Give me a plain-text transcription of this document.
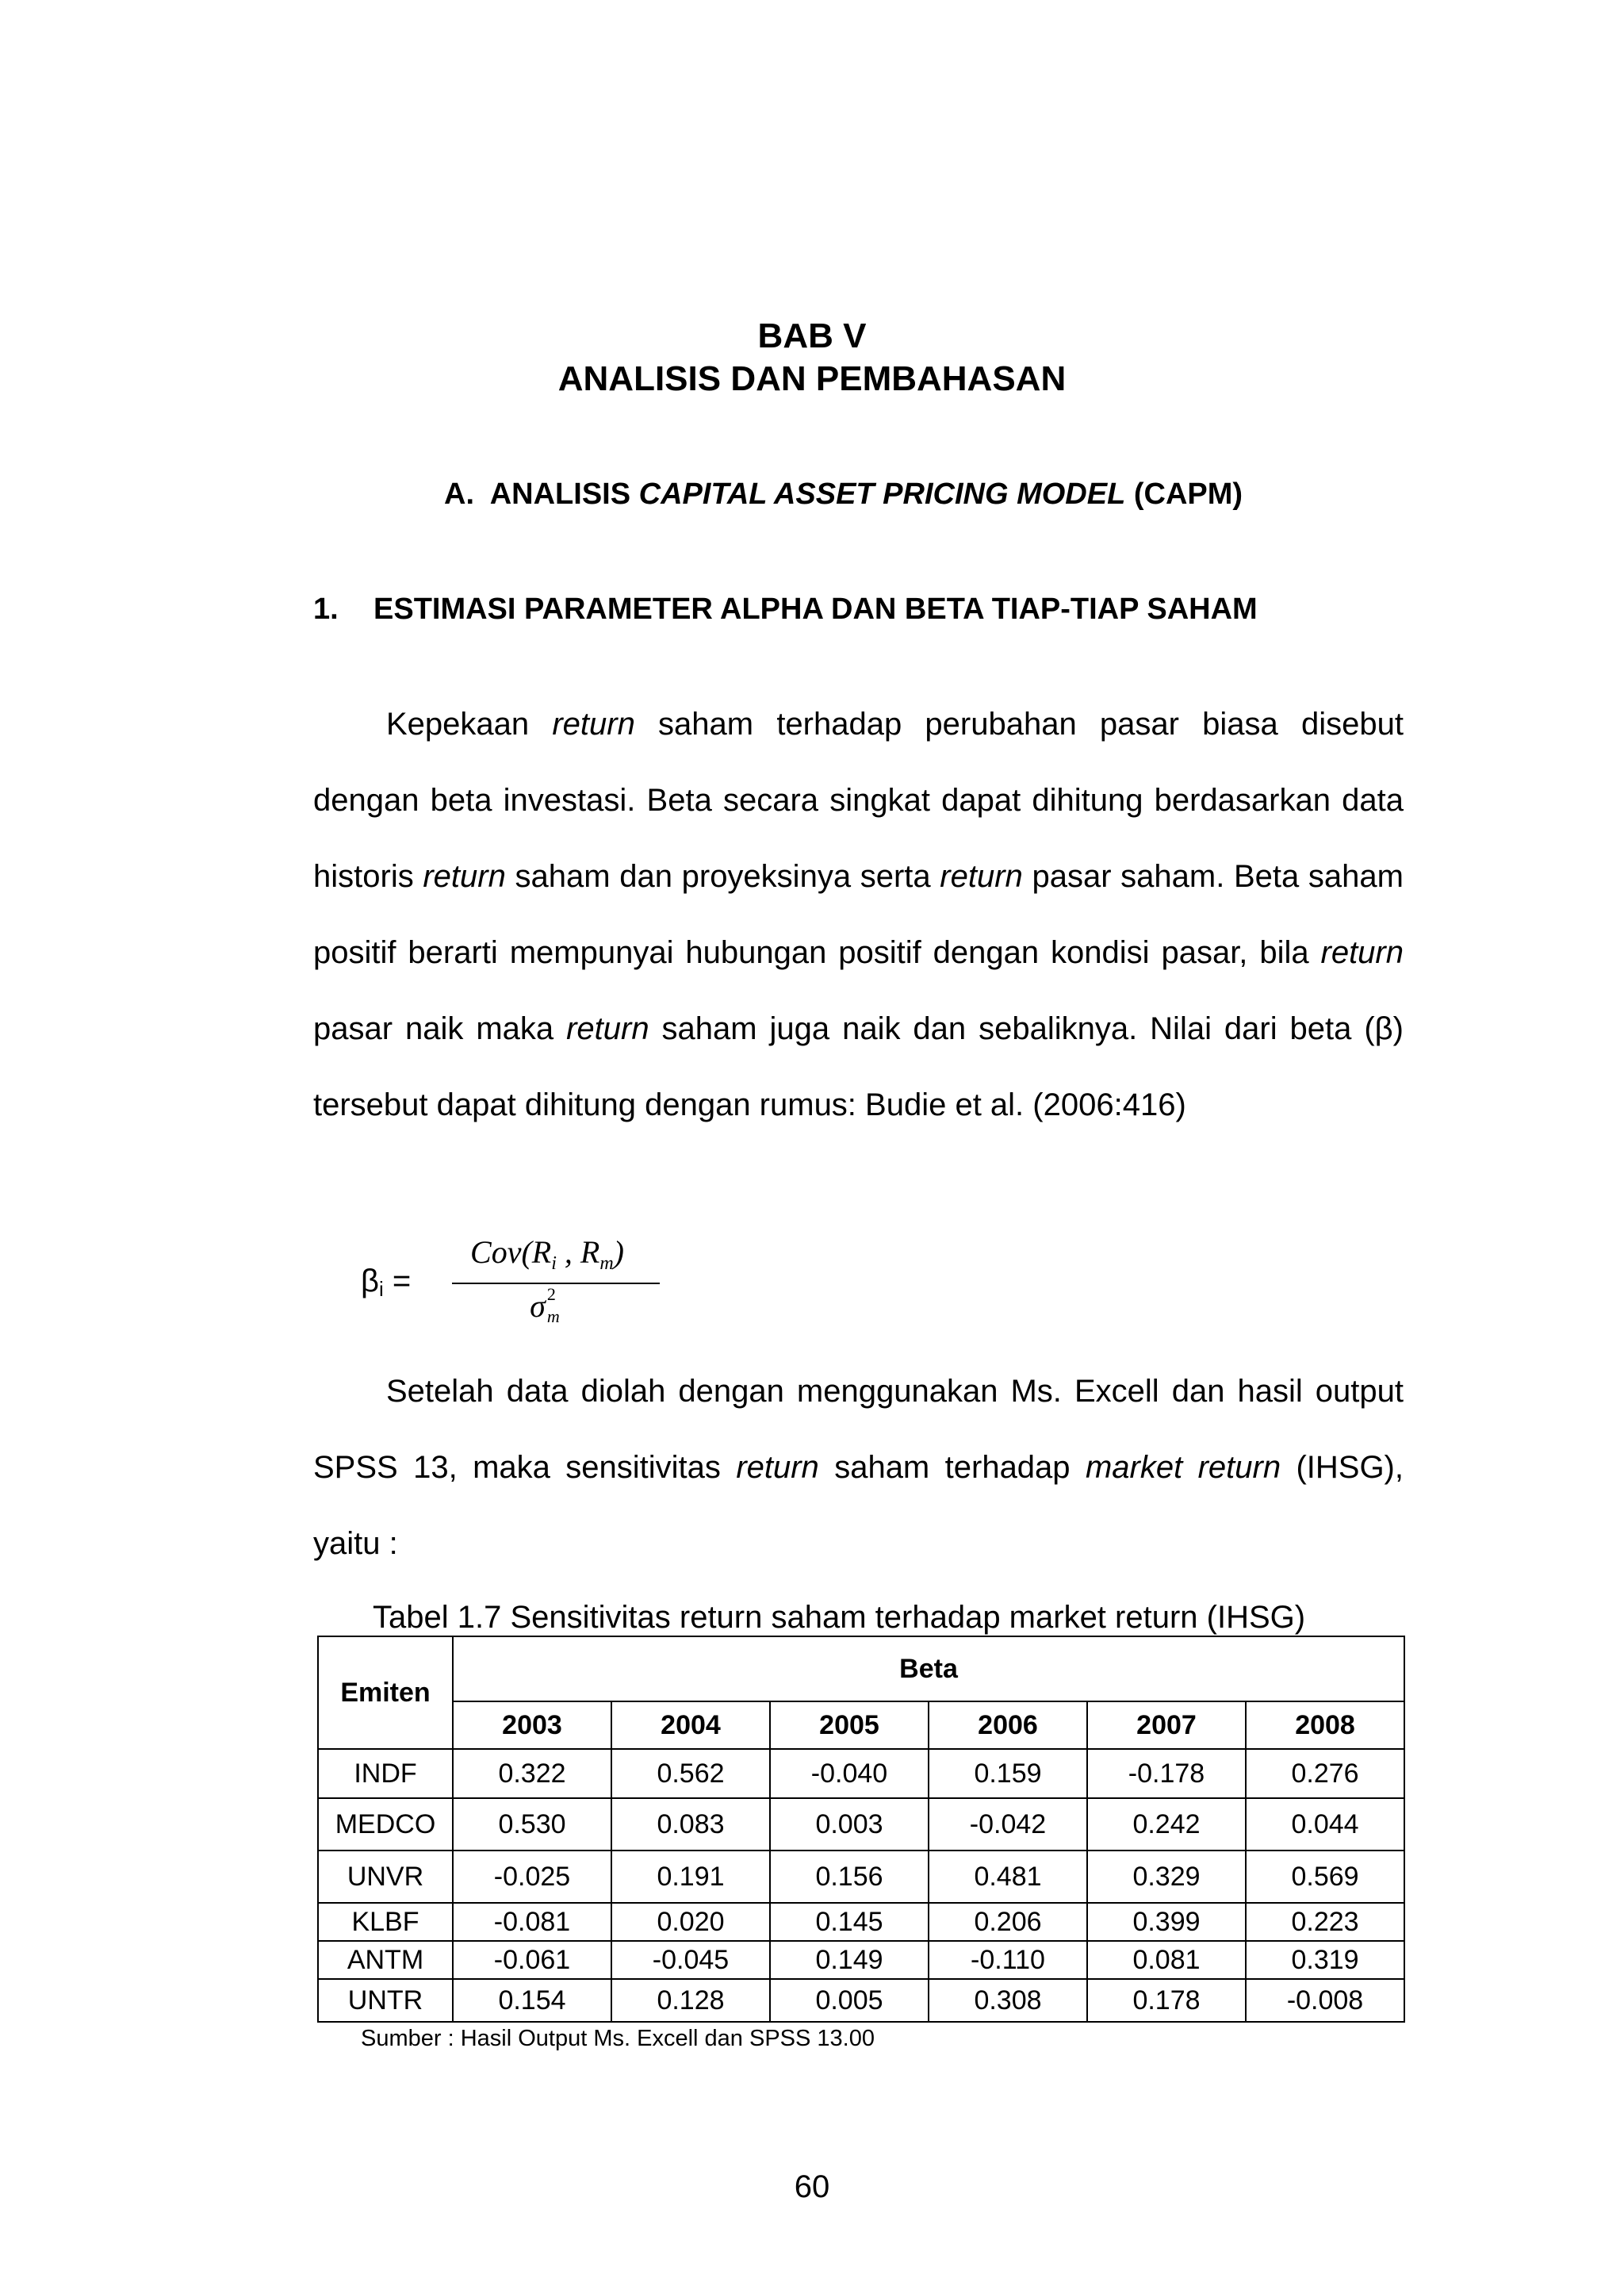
BAB V
ANALISIS DAN PEMBAHASAN
A. ANALISIS CAPITAL ASSET PRICING MODEL (CAPM)
1. ESTIMASI PARAMETER ALPHA DAN BETA TIAP-TIAP SAHAM
Kepekaan return saham terhadap perubahan pasar biasa disebut dengan beta investasi. Beta secara singkat dapat dihitung berdasarkan data historis return saham dan proyeksinya serta return pasar saham. Beta saham positif berarti mempunyai hubungan positif dengan kondisi pasar, bila return pasar naik maka return saham juga naik dan sebaliknya. Nilai dari beta (β) tersebut dapat dihitung dengan rumus: Budie et al. (2006:416)
$\beta_i$ =
$Cov(R_i$ , $R_m$)
σ 2
m
Setelah data diolah dengan menggunakan Ms. Excell dan hasil output SPSS 13, maka sensitivitas return saham terhadap market return (IHSG), yaitu :
Tabel 1.7 Sensitivitas return saham terhadap market return (IHSG)
Emiten	Beta					
	2003	2004	2005	2006	2007	2008
INDF	0.322	0.562	-0.040	0.159	-0.178	0.276
MEDCO	0.530	0.083	0.003	-0.042	0.242	0.044
UNVR	-0.025	0.191	0.156	0.481	0.329	0.569
KLBF	-0.081	0.020	0.145	0.206	0.399	0.223
ANTM	-0.061	-0.045	0.149	-0.110	0.081	0.319
UNTR	0.154	0.128	0.005	0.308	0.178	-0.008
Sumber : Hasil Output Ms. Excell dan SPSS 13.00
60
